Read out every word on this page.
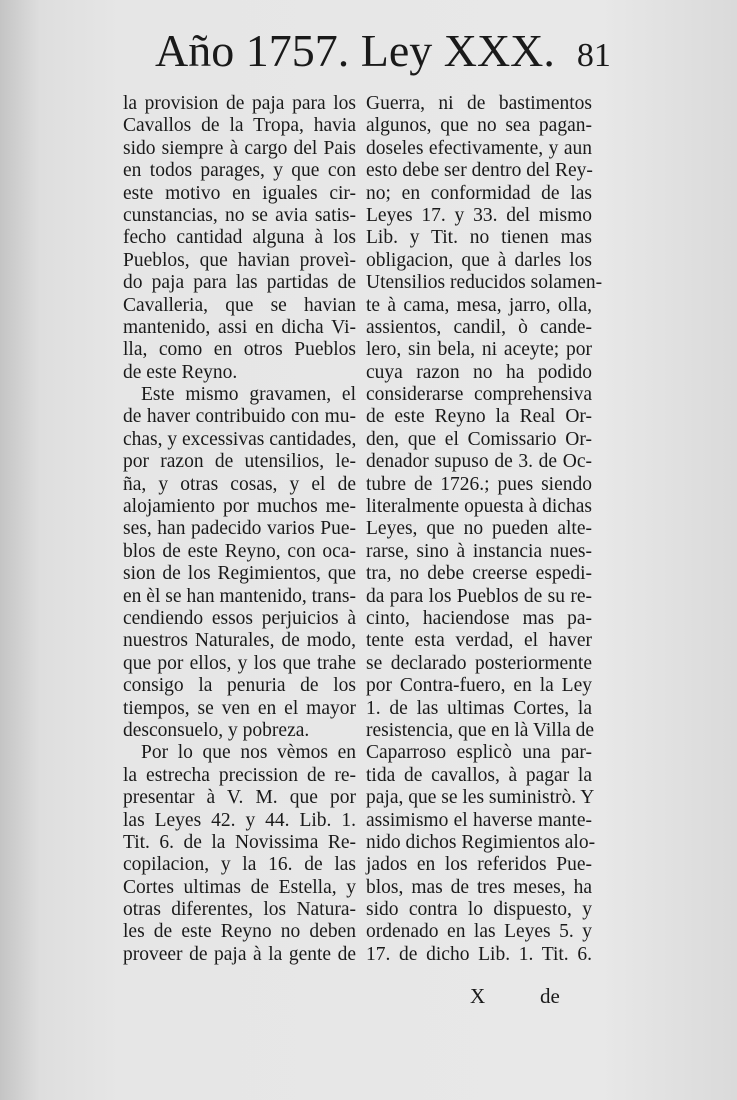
Año 1757. Ley XXX. 81
la provision de paja para los
Cavallos de la Tropa, havia
sido siempre à cargo del Pais
en todos parages, y que con
este motivo en iguales cir-
cunstancias, no se avia satis-
fecho cantidad alguna à los
Pueblos, que havian proveì-
do paja para las partidas de
Cavalleria, que se havian
mantenido, assi en dicha Vi-
lla, como en otros Pueblos
de este Reyno.
Este mismo gravamen, el
de haver contribuido con mu-
chas, y excessivas cantidades,
por razon de utensilios, le-
ña, y otras cosas, y el de
alojamiento por muchos me-
ses, han padecido varios Pue-
blos de este Reyno, con oca-
sion de los Regimientos, que
en èl se han mantenido, trans-
cendiendo essos perjuicios à
nuestros Naturales, de modo,
que por ellos, y los que trahe
consigo la penuria de los
tiempos, se ven en el mayor
desconsuelo, y pobreza.
Por lo que nos vèmos en
la estrecha precission de re-
presentar à V. M. que por
las Leyes 42. y 44. Lib. 1.
Tit. 6. de la Novissima Re-
copilacion, y la 16. de las
Cortes ultimas de Estella, y
otras diferentes, los Natura-
les de este Reyno no deben
proveer de paja à la gente de
Guerra, ni de bastimentos
algunos, que no sea pagan-
doseles efectivamente, y aun
esto debe ser dentro del Rey-
no; en conformidad de las
Leyes 17. y 33. del mismo
Lib. y Tit. no tienen mas
obligacion, que à darles los
Utensilios reducidos solamen-
te à cama, mesa, jarro, olla,
assientos, candil, ò cande-
lero, sin bela, ni aceyte; por
cuya razon no ha podido
considerarse comprehensiva
de este Reyno la Real Or-
den, que el Comissario Or-
denador supuso de 3. de Oc-
tubre de 1726.; pues siendo
literalmente opuesta à dichas
Leyes, que no pueden alte-
rarse, sino à instancia nues-
tra, no debe creerse espedi-
da para los Pueblos de su re-
cinto, haciendose mas pa-
tente esta verdad, el haver
se declarado posteriormente
por Contra-fuero, en la Ley
1. de las ultimas Cortes, la
resistencia, que en là Villa de
Caparroso esplicò una par-
tida de cavallos, à pagar la
paja, que se les suministrò. Y
assimismo el haverse mante-
nido dichos Regimientos alo-
jados en los referidos Pue-
blos, mas de tres meses, ha
sido contra lo dispuesto, y
ordenado en las Leyes 5. y
17. de dicho Lib. 1. Tit. 6.
X	de
